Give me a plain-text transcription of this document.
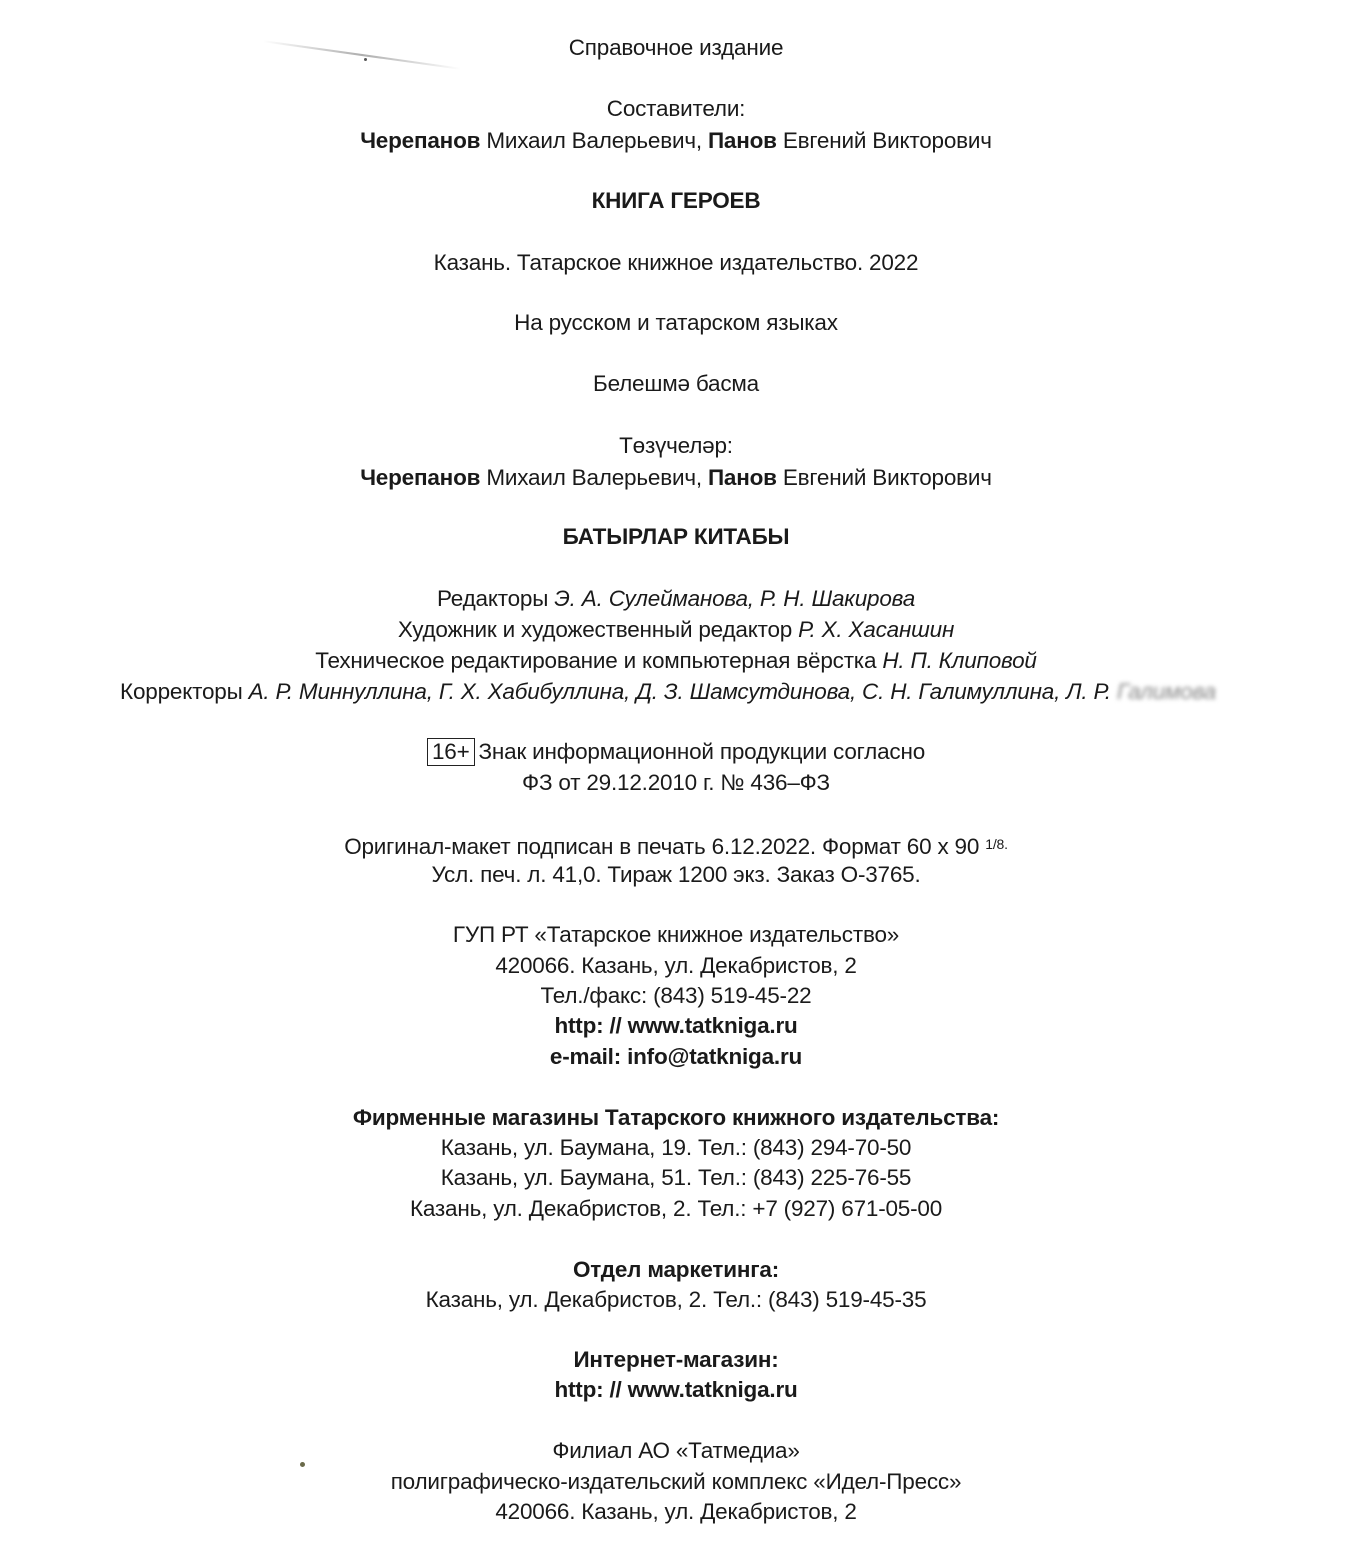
Справочное издание
Составители:
Черепанов Михаил Валерьевич, Панов Евгений Викторович
КНИГА ГЕРОЕВ
Казань. Татарское книжное издательство. 2022
На русском и татарском языках
Белешмә басма
Төзүчеләр:
Черепанов Михаил Валерьевич, Панов Евгений Викторович
БАТЫРЛАР КИТАБЫ
Редакторы Э. А. Сулейманова, Р. Н. Шакирова
Художник и художественный редактор Р. Х. Хасаншин
Техническое редактирование и компьютерная вёрстка Н. П. Клиповой
Корректоры А. Р. Миннуллина, Г. Х. Хабибуллина, Д. З. Шамсутдинова, С. Н. Галимуллина, Л. Р. Галимова
16+ Знак информационной продукции согласно
ФЗ от 29.12.2010 г. № 436–ФЗ
Оригинал-макет подписан в печать 6.12.2022. Формат 60 х 90 $^{1/8.}$
Усл. печ. л. 41,0. Тираж 1200 экз. Заказ О-3765.
ГУП РТ «Татарское книжное издательство»
420066. Казань, ул. Декабристов, 2
Тел./факс: (843) 519-45-22
http: // www.tatkniga.ru
e-mail: info@tatkniga.ru
Фирменные магазины Татарского книжного издательства:
Казань, ул. Баумана, 19. Тел.: (843) 294-70-50
Казань, ул. Баумана, 51. Тел.: (843) 225-76-55
Казань, ул. Декабристов, 2. Тел.: +7 (927) 671-05-00
Отдел маркетинга:
Казань, ул. Декабристов, 2. Тел.: (843) 519-45-35
Интернет-магазин:
http: // www.tatkniga.ru
Филиал АО «Татмедиа»
полиграфическо-издательский комплекс «Идел-Пресс»
420066. Казань, ул. Декабристов, 2
